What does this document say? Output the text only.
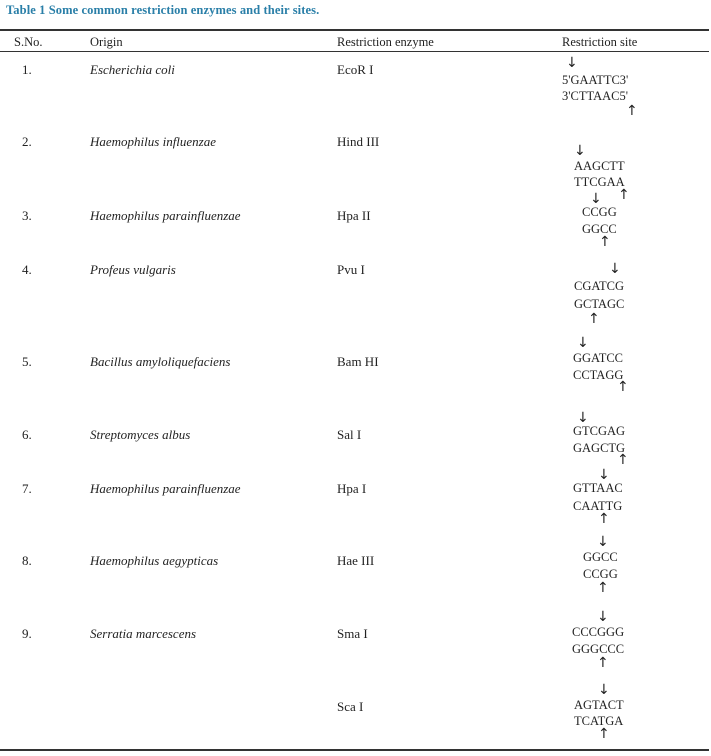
Table 1 Some common restriction enzymes and their sites.
S.No.	Origin	Restriction enzyme	Restriction site
1.	Escherichia coli	EcoR I	↓
5'GAATTC3'
3'CTTAAC5'
↑
2.	Haemophilus influenzae	Hind III
↓
AAGCTT
TTCGAA
↑
3.	Haemophilus parainfluenzae	Hpa II
↓
CCGG
GGCC
↑
4.	Profeus vulgaris	Pvu I	↓
CGATCG
GCTAGC
↑
5.	Bacillus amyloliquefaciens	Bam HI
↓
GGATCC
CCTAGG
↑
6.	Streptomyces albus	Sal I
↓
GTCGAG
GAGCTG
↑
7.	Haemophilus parainfluenzae	Hpa I
↓
GTTAAC
CAATTG
↑
8.	Haemophilus aegypticas	Hae III
↓
GGCC
CCGG
↑
9.	Serratia marcescens	Sma I
↓
CCCGGG
GGGCCC
↑
Sca I
↓
AGTACT
TCATGA
↑
